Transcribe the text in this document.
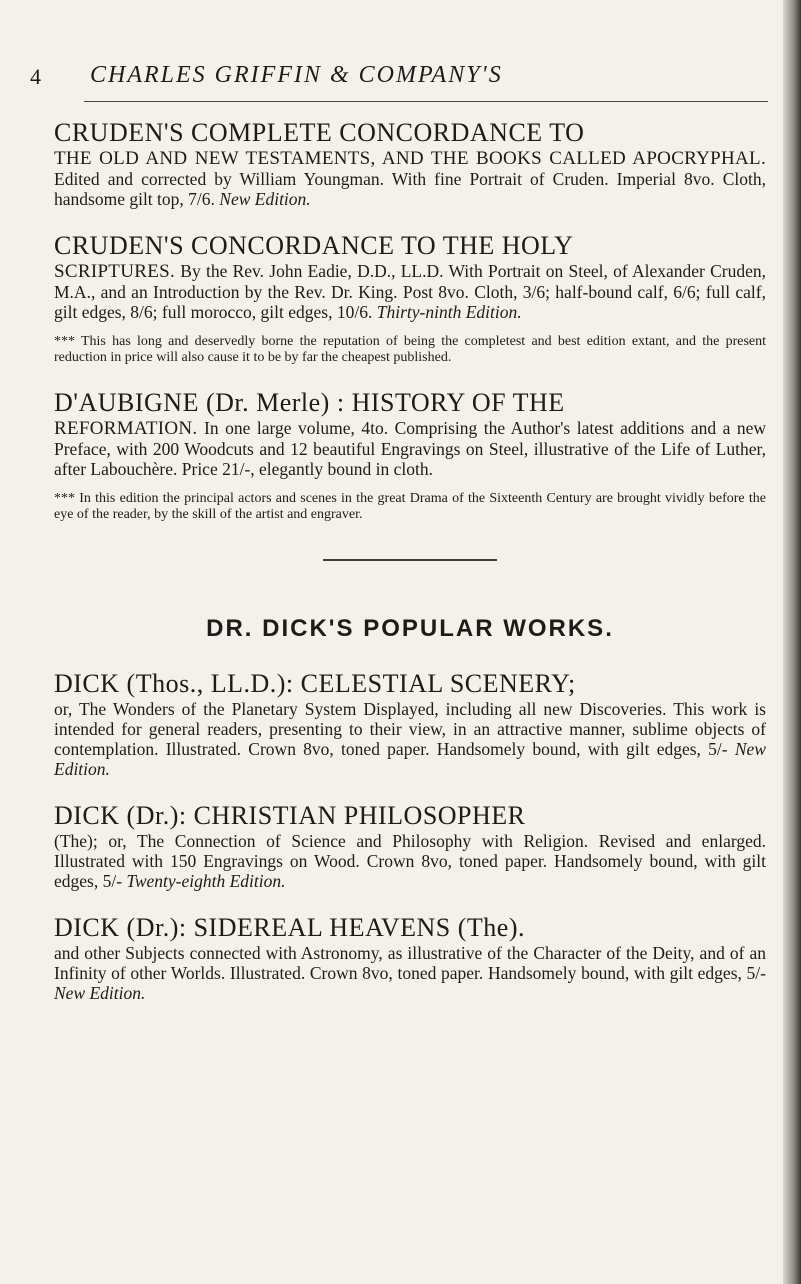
4 CHARLES GRIFFIN & COMPANY'S
CRUDEN'S COMPLETE CONCORDANCE TO
THE OLD AND NEW TESTAMENTS, AND THE BOOKS CALLED APOCRYPHAL. Edited and corrected by William Youngman. With fine Portrait of Cruden. Imperial 8vo. Cloth, handsome gilt top, 7/6. New Edition.
CRUDEN'S CONCORDANCE TO THE HOLY
SCRIPTURES. By the Rev. John Eadie, D.D., LL.D. With Portrait on Steel, of Alexander Cruden, M.A., and an Introduction by the Rev. Dr. King. Post 8vo. Cloth, 3/6; half-bound calf, 6/6; full calf, gilt edges, 8/6; full morocco, gilt edges, 10/6. Thirty-ninth Edition.
*** This has long and deservedly borne the reputation of being the completest and best edition extant, and the present reduction in price will also cause it to be by far the cheapest published.
D'AUBIGNE (Dr. Merle) : HISTORY OF THE
REFORMATION. In one large volume, 4to. Comprising the Author's latest additions and a new Preface, with 200 Woodcuts and 12 beautiful Engravings on Steel, illustrative of the Life of Luther, after Labouchère. Price 21/-, elegantly bound in cloth.
*** In this edition the principal actors and scenes in the great Drama of the Sixteenth Century are brought vividly before the eye of the reader, by the skill of the artist and engraver.
DR. DICK'S POPULAR WORKS.
DICK (Thos., LL.D.): CELESTIAL SCENERY;
or, The Wonders of the Planetary System Displayed, including all new Discoveries. This work is intended for general readers, presenting to their view, in an attractive manner, sublime objects of contemplation. Illustrated. Crown 8vo, toned paper. Handsomely bound, with gilt edges, 5/- New Edition.
DICK (Dr.): CHRISTIAN PHILOSOPHER
(The); or, The Connection of Science and Philosophy with Religion. Revised and enlarged. Illustrated with 150 Engravings on Wood. Crown 8vo, toned paper. Handsomely bound, with gilt edges, 5/- Twenty-eighth Edition.
DICK (Dr.): SIDEREAL HEAVENS (The).
and other Subjects connected with Astronomy, as illustrative of the Character of the Deity, and of an Infinity of other Worlds. Illustrated. Crown 8vo, toned paper. Handsomely bound, with gilt edges, 5/- New Edition.
